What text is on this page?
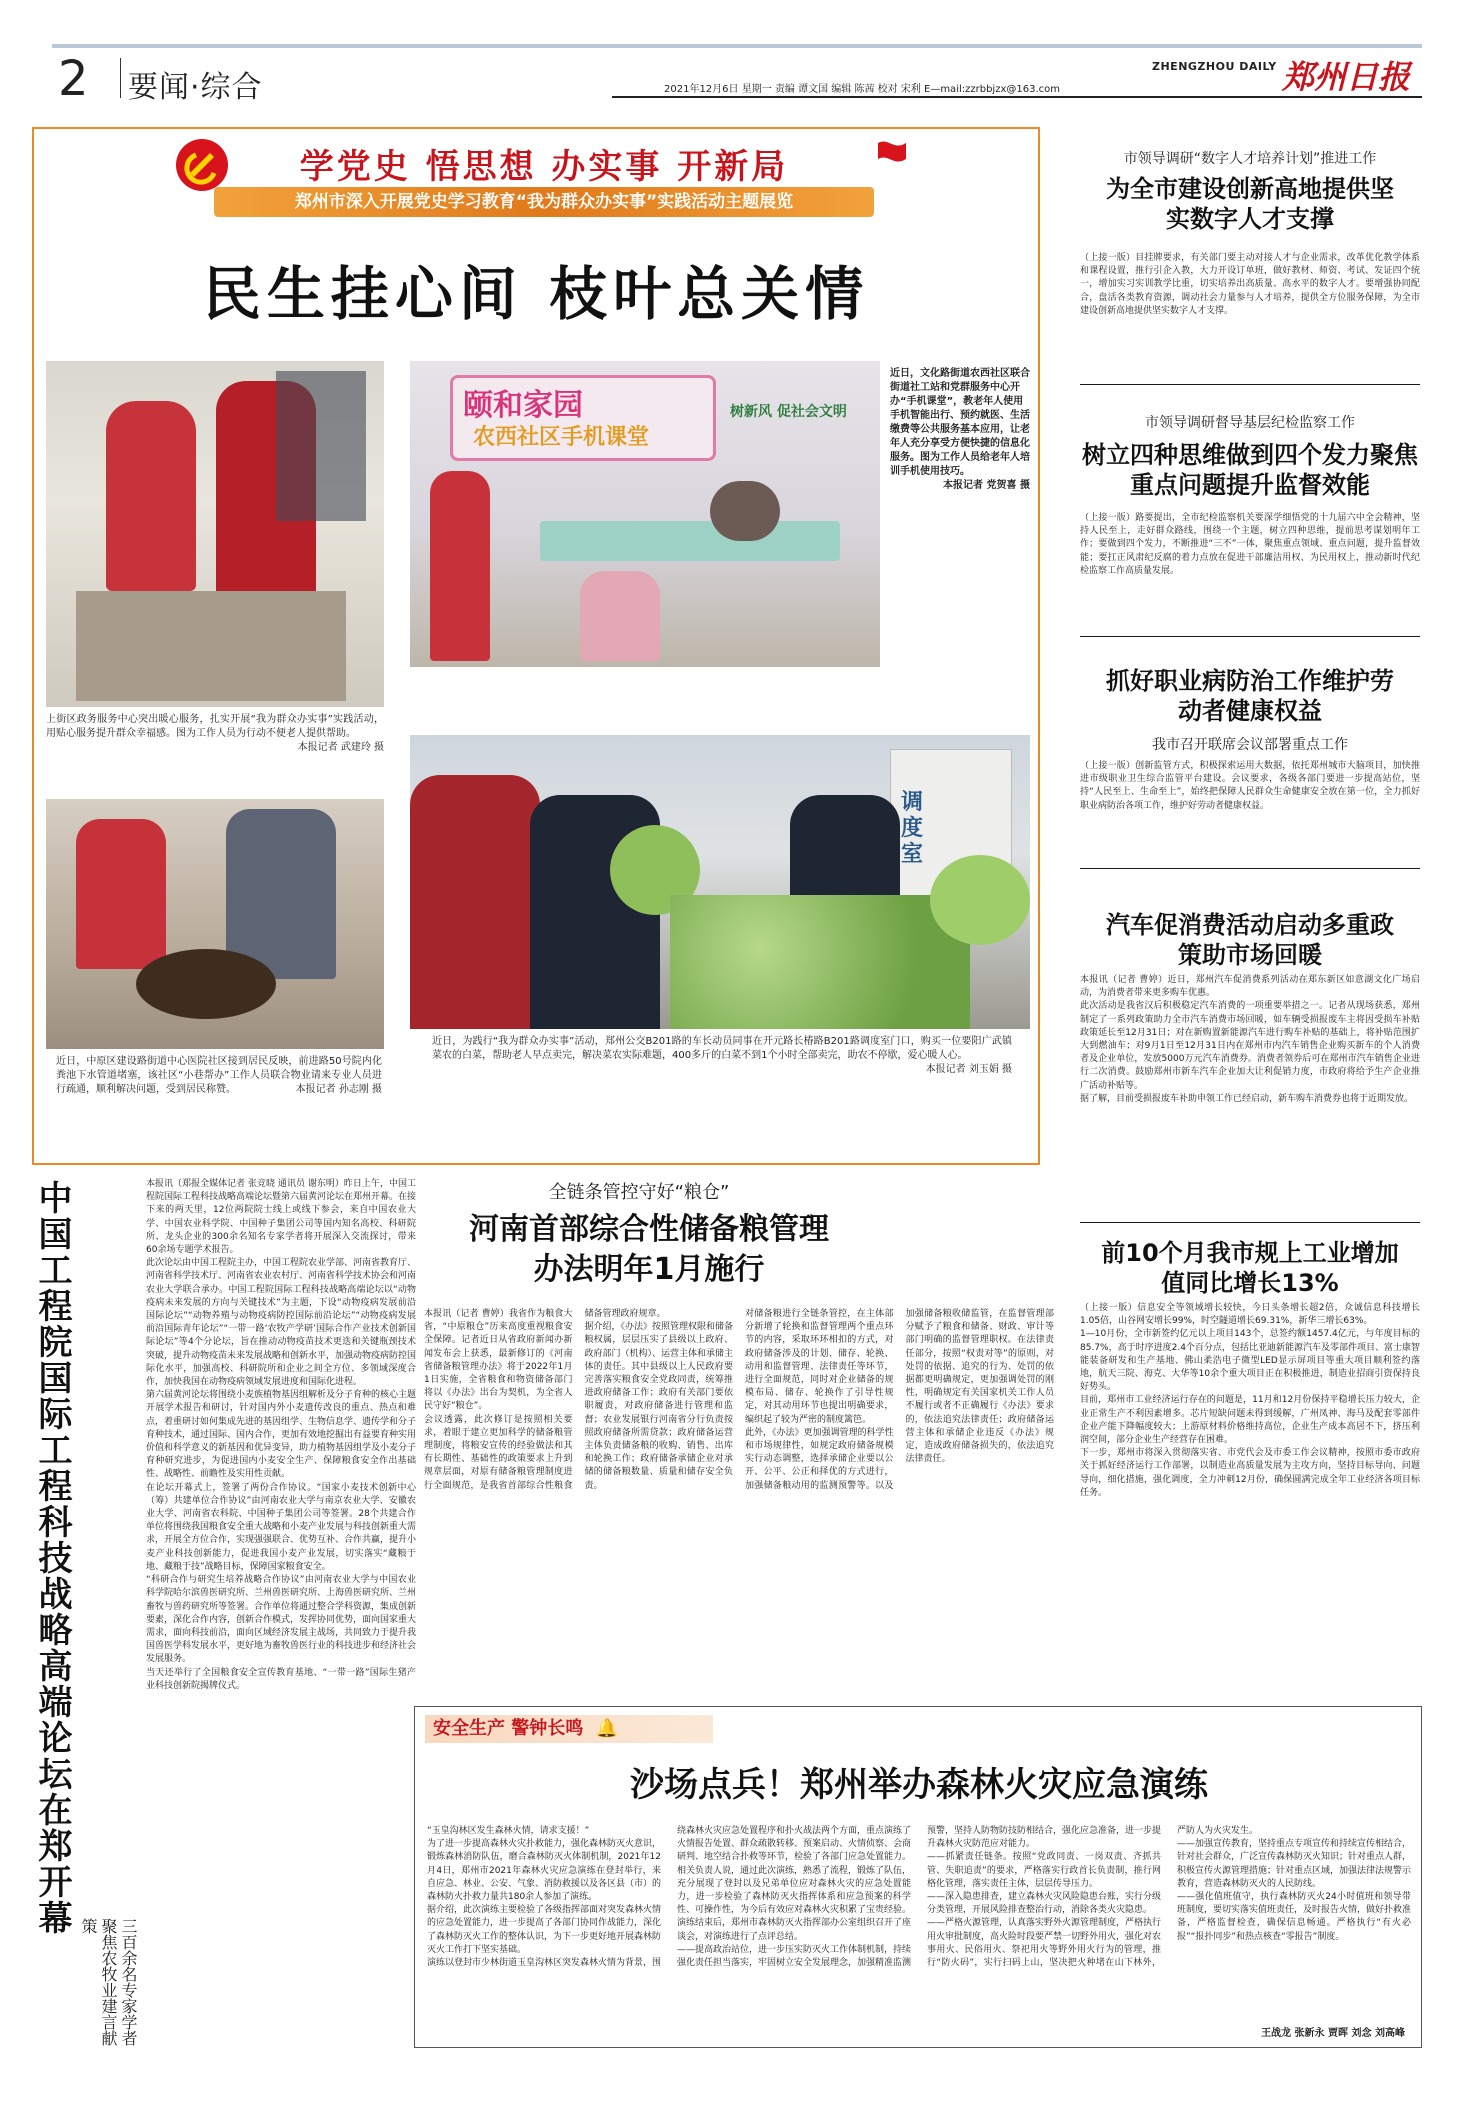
2 要闻·综合
ZHENGZHOU DAILY 郑州日报
2021年12月6日 星期一 责编 谭文国 编辑 陈茜 校对 宋利 E—mail:zzrbbjzx@163.com
学党史 悟思想 办实事 开新局
郑州市深入开展党史学习教育“我为群众办实事”实践活动主题展览
民生挂心间 枝叶总关情
上街区政务服务中心突出暖心服务，扎实开展“我为群众办实事”实践活动，用贴心服务提升群众幸福感。图为工作人员为行动不便老人提供帮助。
本报记者 武建玲 摄
颐和家园
农西社区手机课堂
树新风 促社会文明
近日，文化路街道农西社区联合街道社工站和党群服务中心开办“手机课堂”，教老年人使用手机智能出行、预约就医、生活缴费等公共服务基本应用，让老年人充分享受方便快捷的信息化服务。图为工作人员给老年人培训手机使用技巧。

本报记者 党贺喜 摄
近日，中原区建设路街道中心医院社区接到居民反映，前进路50号院内化粪池下水管道堵塞，该社区“小巷帮办”工作人员联合物业请来专业人员进行疏通，顺利解决问题，受到居民称赞。	本报记者 孙志刚 摄
调度室
近日，为践行“我为群众办实事”活动，郑州公交B201路的车长动员同事在开元路长椿路B201路调度室门口，购买一位要阳广武镇菜农的白菜，帮助老人早点卖完，解决菜农实际难题，400多斤的白菜不到1个小时全部卖完，助农不停歇，爱心暖人心。
本报记者 刘玉娟 摄
市领导调研“数字人才培养计划”推进工作
为全市建设创新高地提供坚实数字人才支撑
（上接一版）目挂牌要求，有关部门要主动对接人才与企业需求，改革优化教学体系和课程设置，推行引企入教，大力开设订单班，做好教材、师资、考试、发证四个统一，增加实习实训教学比重，切实培养出高质量、高水平的数字人才。要增强协同配合，盘活各类教育资源，调动社会力量参与人才培养，提供全方位服务保障，为全市建设创新高地提供坚实数字人才支撑。
市领导调研督导基层纪检监察工作
树立四种思维做到四个发力聚焦重点问题提升监督效能
（上接一版）路要提出，全市纪检监察机关要深学细悟党的十九届六中全会精神，坚持人民至上，走好群众路线，围绕一个主题，树立四种思维，提前思考谋划明年工作；要做到四个发力，不断推进“三不”一体，聚焦重点领域、重点问题，提升监督效能；要扛正风肃纪反腐的着力点放在促进干部廉洁用权、为民用权上，推动新时代纪检监察工作高质量发展。
抓好职业病防治工作维护劳动者健康权益
我市召开联席会议部署重点工作
（上接一版）创新监管方式，积极探索运用大数据，依托郑州城市大脑项目，加快推进市级职业卫生综合监管平台建设。会议要求，各级各部门要进一步提高站位，坚持“人民至上、生命至上”，始终把保障人民群众生命健康安全放在第一位，全力抓好职业病防治各项工作，维护好劳动者健康权益。
汽车促消费活动启动多重政策助市场回暖
本报讯（记者 曹婷）近日，郑州汽车促消费系列活动在郑东新区如意湖文化广场启动，为消费者带来更多购车优惠。
此次活动是我省汉后积极稳定汽车消费的一项重要举措之一。记者从现场获悉，郑州制定了一系列政策助力全市汽车消费市场回暖，如车辆受损报废车主将因受损车补贴政策延长至12月31日；对在新购置新能源汽车进行购车补贴的基础上，将补贴范围扩大到燃油车；对9月1日至12月31日内在郑州市内汽车销售企业购买新车的个人消费者及企业单位，发放5000万元汽车消费券。消费者领券后可在郑州市汽车销售企业进行二次消费。鼓励郑州市新车汽车企业加大让利促销力度，市政府将给予生产企业推广活动补贴等。
据了解，目前受损报废车补助申领工作已经启动，新车购车消费券也将于近期发放。
前10个月我市规上工业增加值同比增长13%
（上接一版）信息安全等领域增长较快，今日头条增长超2倍，众诚信息科技增长1.05倍，山谷网安增长99%，时空隧道增长69.31%，新华三增长63%。
1—10月份，全市新签约亿元以上项目143个，总签约额1457.4亿元，与年度目标的85.7%，高于时序进度2.4个百分点，包括比亚迪新能源汽车及零部件项目、富士康智能装备研发和生产基地、佛山柔浩电子微型LED显示屏项目等重大项目顺利签约落地，航天三院、海克、大华等10余个重大项目正在积极推进，制造业招商引资保持良好势头。
目前，郑州市工业经济运行存在的问题是，11月和12月份保持平稳增长压力较大，企业正常生产不利因素增多。芯片短缺问题未得到缓解，广州凤神、海马及配套零部件企业产能下降幅度较大；上游原材料价格维持高位，企业生产成本高居不下，挤压利润空间，部分企业生产经营存在困难。
下一步，郑州市将深入贯彻落实省、市党代会及市委工作会议精神，按照市委市政府关于抓好经济运行工作部署，以制造业高质量发展为主攻方向，坚持目标导向、问题导向，细化措施，强化调度，全力冲刺12月份，确保圆满完成全年工业经济各项目标任务。
中国工程院国际工程科技战略高端论坛在郑开幕	本报讯（郑报全媒体记者 张竞晓 通讯员 谢东明）昨日上午，中国工程院国际工程科技战略高端论坛暨第六届黄河论坛在郑州开幕。在接下来的两天里，12位两院院士线上或线下参会，来自中国农业大学、中国农业科学院、中国种子集团公司等国内知名高校、科研院所、龙头企业的300余名知名专家学者将开展深入交流探讨，带来60余场专题学术报告。
此次论坛由中国工程院主办，中国工程院农业学部、河南省教育厅、河南省科学技术厅、河南省农业农村厅、河南省科学技术协会和河南农业大学联合承办。中国工程院国际工程科技战略高端论坛以“动物疫病未来发展的方向与关键技术”为主题，下设“动物疫病发展前沿国际论坛”“动物养殖与动物疫病防控国际前沿论坛”“动物疫病发展前沿国际青年论坛”“一带一路‘农牧产学研’国际合作产业技术创新国际论坛”等4个分论坛，旨在推动动物疫苗技术更迭和关键瓶颈技术突破，提升动物疫苗未来发展战略和创新水平，加强动物疫病防控国际化水平，加强高校、科研院所和企业之间全方位、多领域深度合作，加快我国在动物疫病领域发展进度和国际化进程。
第六届黄河论坛将围绕小麦族植物基因组解析及分子育种的核心主题开展学术报告和研讨，针对国内外小麦遗传改良的重点、热点和难点，着重研讨如何集成先进的基因组学、生物信息学、遗传学和分子育种技术，通过国际、国内合作，更加有效地挖掘出有益要育种实用价值和科学意义的新基因和优异变异，助力植物基因组学及小麦分子育种研究进步，为促进国内小麦安全生产、保障粮食安全作出基础性、战略性、前瞻性及实用性贡献。
在论坛开幕式上，签署了两份合作协议。“国家小麦技术创新中心（筹）共建单位合作协议”由河南农业大学与南京农业大学、安徽农业大学、河南省农科院、中国种子集团公司等签署。28个共建合作单位将围绕我国粮食安全重大战略和小麦产业发展与科技创新重大需求，开展全方位合作，实现强强联合、优势互补、合作共赢，提升小麦产业科技创新能力，促进我国小麦产业发展，切实落实“藏粮于地、藏粮于技”战略目标，保障国家粮食安全。
“科研合作与研究生培养战略合作协议”由河南农业大学与中国农业科学院哈尔滨兽医研究所、兰州兽医研究所、上海兽医研究所、兰州畜牧与兽药研究所等签署。合作单位将通过整合学科资源，集成创新要素，深化合作内容，创新合作模式，发挥协同优势，面向国家重大需求，面向科技前沿，面向区域经济发展主战场，共同致力于提升我国兽医学科发展水平，更好地为畜牧兽医行业的科技进步和经济社会发展服务。
当天还举行了全国粮食安全宣传教育基地、“一带一路”国际生猪产业科技创新院揭牌仪式。
三百余名专家学者聚焦农牧业建言献策
全链条管控守好“粮仓”
河南首部综合性储备粮管理办法明年1月施行
本报讯（记者 曹婷）我省作为粮食大省，“中原粮仓”历来高度重视粮食安全保障。记者近日从省政府新闻办新闻发布会上获悉，最新修订的《河南省储备粮管理办法》将于2022年1月1日实施，全省粮食和物资储备部门将以《办法》出台为契机，为全省人民守好“粮仓”。
会议透露，此次修订是按照相关要求，着眼于建立更加科学的储备粮管理制度，将粮安宣传的经验做法和其有长期性、基础性的政策要求上升到规章层面，对原有储备粮管理制度进行全面规范，是我省首部综合性粮食储备管理政府规章。
据介绍，《办法》按照管理权限和储备粮权属，层层压实了县级以上政府、政府部门（机构）、运营主体和承储主体的责任。其中县级以上人民政府要完善落实粮食安全党政同责，统筹推进政府储备工作；政府有关部门要依职履责，对政府储备进行管理和监督；农业发展银行河南省分行负责按照政府储备所需贷款；政府储备运营主体负责储备粮的收购、销售、出库和轮换工作；政府储备承储企业对承储的储备粮数量、质量和储存安全负责。
对储备粮进行全链条管控，在主体部分新增了轮换和监督管理两个重点环节的内容，采取环环相扣的方式，对政府储备涉及的计划、储存、轮换、动用和监督管理、法律责任等环节，进行全面规范，同时对企业储备的规模布局、储存、轮换作了引导性规定，对其动用环节也提出明确要求，编织起了较为严密的制度篱笆。
此外，《办法》更加强调管理的科学性和市场规律性，如规定政府储备规模实行动态调整，选择承储企业要以公开、公平、公正和择优的方式进行，加强储备粮动用的监测预警等。以及加强储备粮收储监管，在监督管理部分赋予了粮食和储备、财政、审计等部门明确的监督管理职权。在法律责任部分，按照“权责对等”的原则，对处罚的依据、追究的行为、处罚的依据都更明确规定，更加强调处罚的刚性，明确规定有关国家机关工作人员不履行或者不正确履行《办法》要求的，依法追究法律责任；政府储备运营主体和承储企业违反《办法》规定，造成政府储备损失的，依法追究法律责任。
安全生产 警钟长鸣 🔔
沙场点兵！郑州举办森林火灾应急演练
“玉皇沟林区发生森林火情，请求支援！”
为了进一步提高森林火灾扑救能力，强化森林防灭火意识，锻炼森林消防队伍，磨合森林防灭火体制机制，2021年12月4日，郑州市2021年森林火灾应急演练在登封举行，来自应急、林业、公安、气象、消防救援以及各区县（市）的森林防火扑救力量共180余人参加了演练。
据介绍，此次演练主要检验了各级指挥部面对突发森林火情的应急处置能力，进一步提高了各部门协同作战能力，深化了森林防灭火工作的整体认识，为下一步更好地开展森林防灭火工作打下坚实基础。
演练以登封市少林街道玉皇沟林区突发森林火情为背景，围绕森林火灾应急处置程序和扑火战法两个方面，重点演练了火情报告处置、群众疏散转移、预案启动、火情侦察、会商研判、地空结合扑救等环节，检验了各部门应急处置能力。
相关负责人说，通过此次演练，熟悉了流程，锻炼了队伍，充分展现了登封以及兄弟单位应对森林火灾的应急处置能力，进一步检验了森林防灭火指挥体系和应急预案的科学性、可操作性，为今后有效应对森林火灾积累了宝贵经验。
演练结束后，郑州市森林防灭火指挥部办公室组织召开了座谈会，对演练进行了点评总结。
——提高政治站位，进一步压实防灭火工作体制机制，持续强化责任担当落实，牢固树立安全发展理念，加强精准监测预警，坚持人防物防技防相结合，强化应急准备，进一步提升森林火灾防范应对能力。
——抓紧责任链条。按照“党政同责、一岗双责、齐抓共管、失职追责”的要求，严格落实行政首长负责制，推行网格化管理，落实责任主体，层层传导压力。
——深入隐患排查，建立森林火灾风险隐患台账，实行分级分类管理，开展风险排查整治行动，消除各类火灾隐患。
——严格火源管理，认真落实野外火源管理制度，严格执行用火审批制度，高火险时段要严禁一切野外用火，强化对农事用火、民俗用火、祭祀用火等野外用火行为的管理，推行“防火码”，实行扫码上山，坚决把火种堵在山下林外，严防人为火灾发生。
——加强宣传教育，坚持重点专项宣传和持续宣传相结合，针对社会群众，广泛宣传森林防灭火知识；针对重点人群，积极宣传火源管理措施；针对重点区域，加强法律法规警示教育，营造森林防灭火的人民防线。
——强化值班值守，执行森林防灭火24小时值班和领导带班制度，要切实落实值班责任，及时报告火情，做好扑救准备，严格监督检查，确保信息畅通。严格执行“有火必报”“报扑同步”和热点核查“零报告”制度。
王战龙 张新永 贾晖 刘念 刘高峰
